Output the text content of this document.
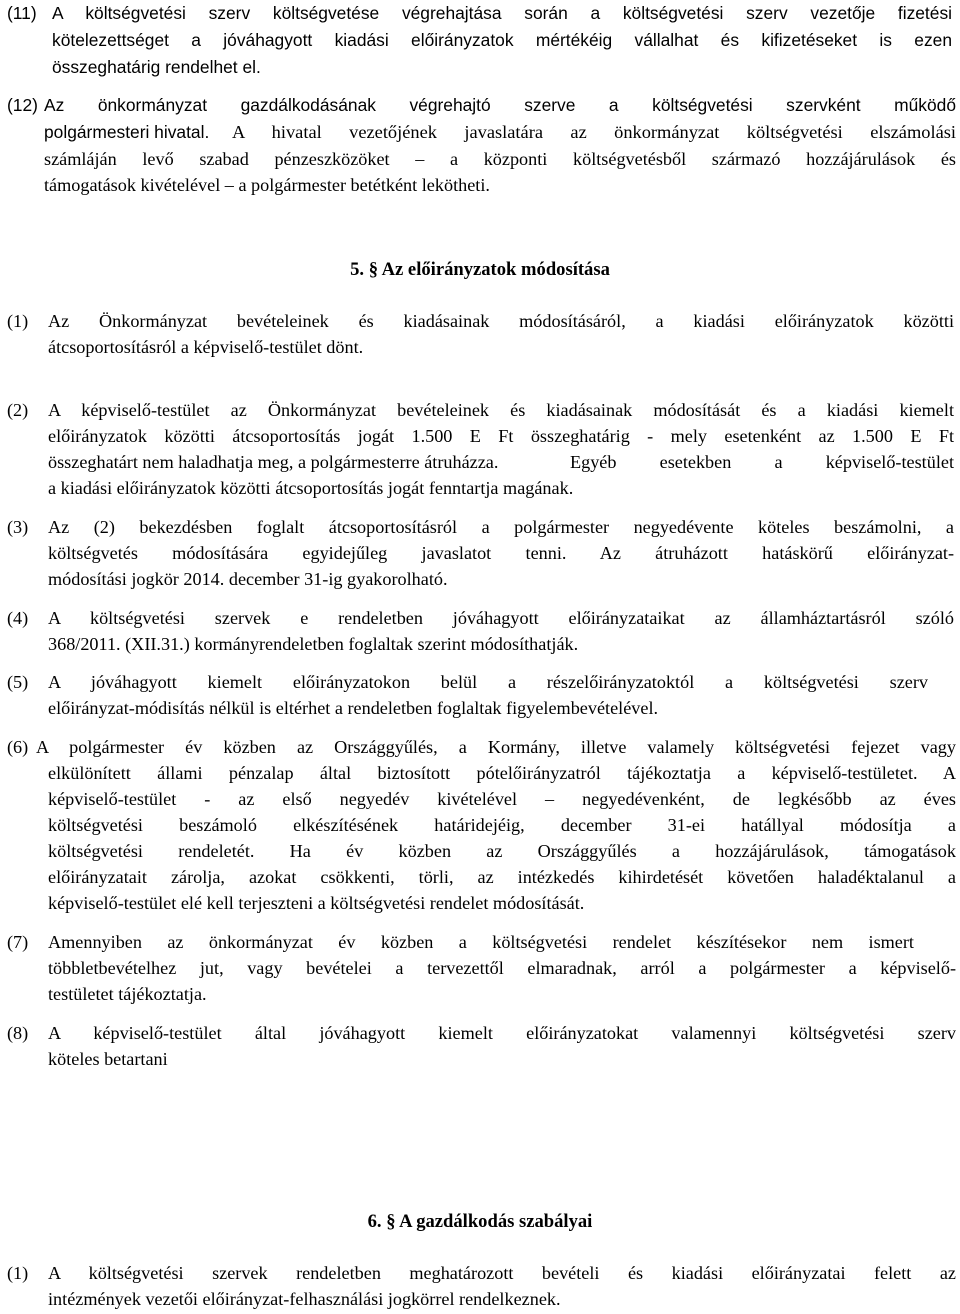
(11) A költségvetési szerv költségvetése végrehajtása során a költségvetési szerv vezetője fizetési
kötelezettséget a jóváhagyott kiadási előirányzatok mértékéig vállalhat és kifizetéseket is ezen
összeghatárig rendelhet el.
(12) Az önkormányzat gazdálkodásának végrehajtó szerve a költségvetési szervként működő
polgármesteri hivatal. A hivatal vezetőjének javaslatára az önkormányzat költségvetési elszámolási
számláján levő szabad pénzeszközöket – a központi költségvetésből származó hozzájárulások és
támogatások kivételével – a polgármester betétként lekötheti.
5. § Az előirányzatok módosítása
(1) Az Önkormányzat bevételeinek és kiadásainak módosításáról, a kiadási előirányzatok közötti
átcsoportosításról a képviselő-testület dönt.
(2) A képviselő-testület az Önkormányzat bevételeinek és kiadásainak módosítását és a kiadási kiemelt
előirányzatok közötti átcsoportosítás jogát 1.500 E Ft összeghatárig - mely esetenként az 1.500 E Ft
összeghatárt nem haladhatja meg, a polgármesterre átruházza.	Egyéb esetekben a képviselő-testület
a kiadási előirányzatok közötti átcsoportosítás jogát fenntartja magának.
(3) Az (2) bekezdésben foglalt átcsoportosításról a polgármester negyedévente köteles beszámolni, a
költségvetés módosítására egyidejűleg javaslatot tenni. Az átruházott hatáskörű előirányzat-
módosítási jogkör 2014. december 31-ig gyakorolható.
(4) A költségvetési szervek e rendeletben jóváhagyott előirányzataikat az államháztartásról szóló
368/2011. (XII.31.) kormányrendeletben foglaltak szerint módosíthatják.
(5) A jóváhagyott kiemelt előirányzatokon belül a részelőirányzatoktól a költségvetési szerv
előirányzat-módisítás nélkül is eltérhet a rendeletben foglaltak figyelembevételével.
(6) A polgármester év közben az Országgyűlés, a Kormány, illetve valamely költségvetési fejezet vagy
elkülönített állami pénzalap által biztosított pótelőirányzatról tájékoztatja a képviselő-testületet. A
képviselő-testület - az első negyedév kivételével – negyedévenként, de legkésőbb az éves
költségvetési beszámoló elkészítésének határidejéig, december 31-ei hatállyal módosítja a
költségvetési rendeletét. Ha év közben az Országgyűlés a hozzájárulások, támogatások
előirányzatait zárolja, azokat csökkenti, törli, az intézkedés kihirdetését követően haladéktalanul a
képviselő-testület elé kell terjeszteni a költségvetési rendelet módosítását.
(7) Amennyiben az önkormányzat év közben a költségvetési rendelet készítésekor nem ismert
többletbevételhez jut, vagy bevételei a tervezettől elmaradnak, arról a polgármester a képviselő-
testületet tájékoztatja.
(8) A képviselő-testület által jóváhagyott kiemelt előirányzatokat valamennyi költségvetési szerv
köteles betartani
6. § A gazdálkodás szabályai
(1) A költségvetési szervek rendeletben meghatározott bevételi és kiadási előirányzatai felett az
intézmények vezetői előirányzat-felhasználási jogkörrel rendelkeznek.
